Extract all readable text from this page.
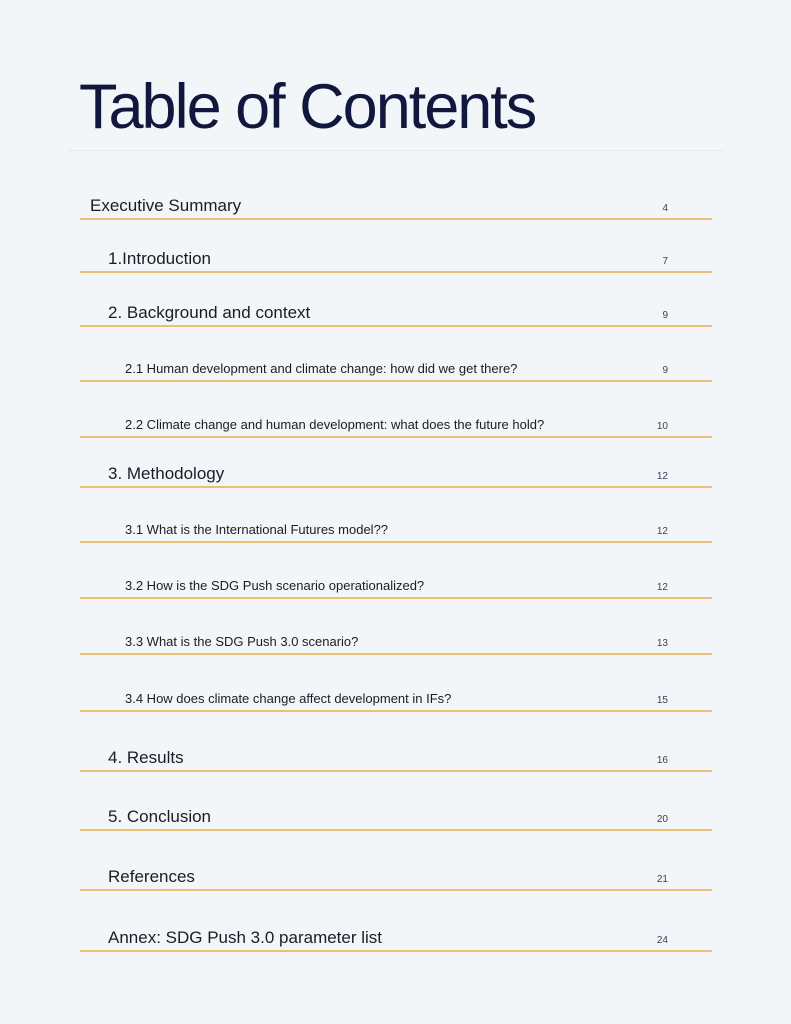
Table of Contents
Executive Summary	4
1.Introduction	7
2. Background and context	9
2.1 Human development and climate change: how did we get there?	9
2.2 Climate change and human development: what does the future hold?	10
3. Methodology	12
3.1 What is the International Futures model??	12
3.2 How is the SDG Push scenario operationalized?	12
3.3 What is the SDG Push 3.0 scenario?	13
3.4 How does climate change affect development in IFs?	15
4. Results	16
5. Conclusion	20
References	21
Annex: SDG Push 3.0 parameter list	24
